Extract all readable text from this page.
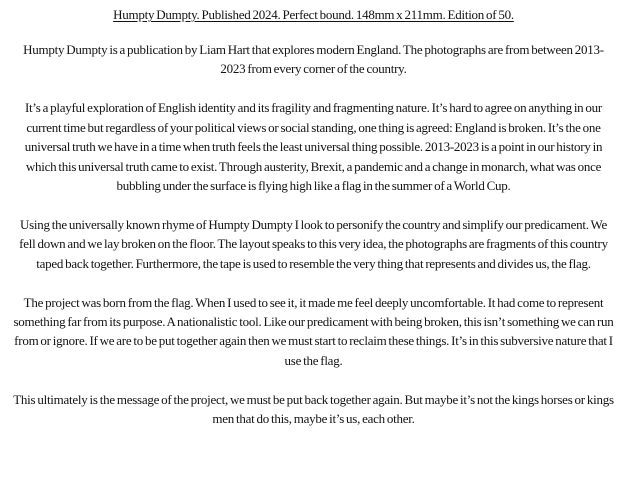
Humpty Dumpty. Published 2024. Perfect bound. 148mm x 211mm. Edition of 50.

Humpty Dumpty is a publication by Liam Hart that explores modern England. The photographs are from between 2013-2023 from every corner of the country.

It’s a playful exploration of English identity and its fragility and fragmenting nature. It’s hard to agree on anything in our current time but regardless of your political views or social standing, one thing is agreed: England is broken. It’s the one universal truth we have in a time when truth feels the least universal thing possible. 2013-2023 is a point in our history in which this universal truth came to exist. Through austerity, Brexit, a pandemic and a change in monarch, what was once bubbling under the surface is flying high like a flag in the summer of a World Cup.

Using the universally known rhyme of Humpty Dumpty I look to personify the country and simplify our predicament. We fell down and we lay broken on the floor. The layout speaks to this very idea, the photographs are fragments of this country taped back together. Furthermore, the tape is used to resemble the very thing that represents and divides us, the flag.

The project was born from the flag. When I used to see it, it made me feel deeply uncomfortable. It had come to represent something far from its purpose. A nationalistic tool. Like our predicament with being broken, this isn’t something we can run from or ignore. If we are to be put together again then we must start to reclaim these things. It’s in this subversive nature that I use the flag.

This ultimately is the message of the project, we must be put back together again. But maybe it’s not the kings horses or kings men that do this, maybe it’s us, each other.
